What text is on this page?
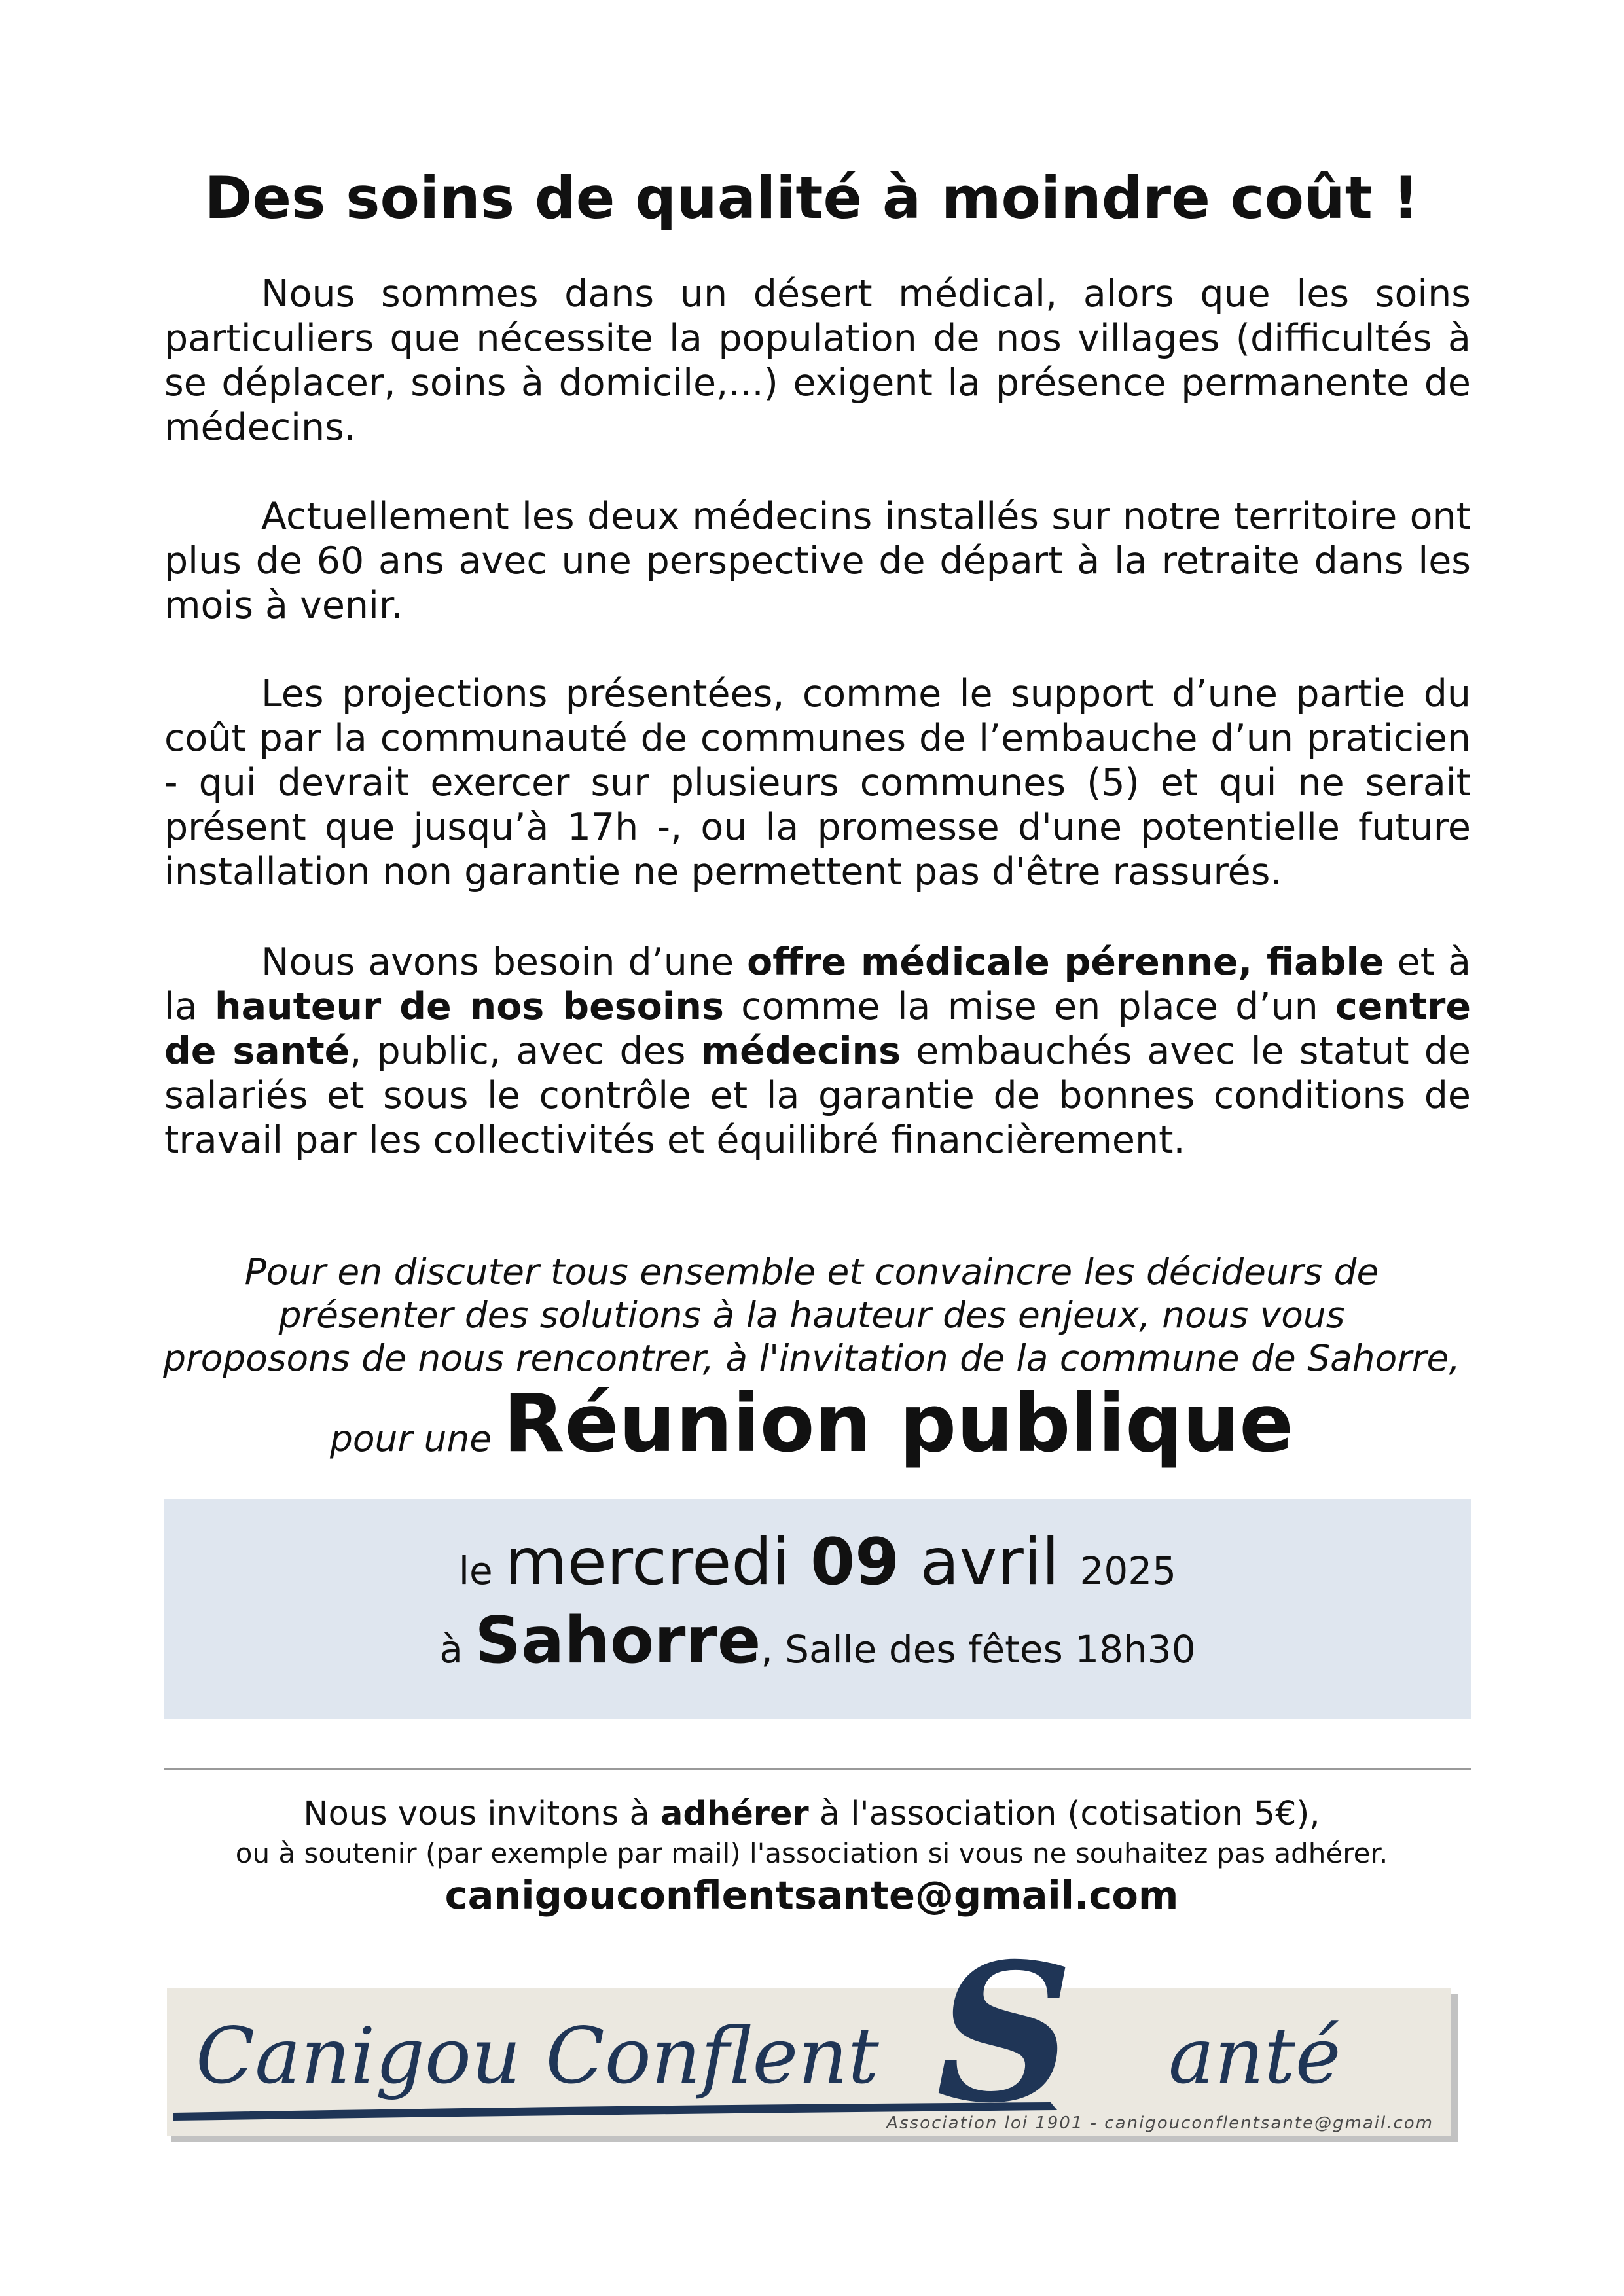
Des soins de qualité à moindre coût !

Nous sommes dans un désert médical, alors que les soins particuliers que nécessite la population de nos villages (difficultés à se déplacer, soins à domicile,...) exigent la présence permanente de médecins.

Actuellement les deux médecins installés sur notre territoire ont plus de 60 ans avec une perspective de départ à la retraite dans les mois à venir.

Les projections présentées, comme le support d’une partie du coût par la communauté de communes de l’embauche d’un praticien - qui devrait exercer sur plusieurs communes (5) et qui ne serait présent que jusqu’à 17h -, ou la promesse d'une potentielle future installation non garantie ne permettent pas d'être rassurés.

Nous avons besoin d’une offre médicale pérenne, fiable et à la hauteur de nos besoins comme la mise en place d’un centre de santé, public, avec des médecins embauchés avec le statut de salariés et sous le contrôle et la garantie de bonnes conditions de travail par les collectivités et équilibré financièrement.

Pour en discuter tous ensemble et convaincre les décideurs de
présenter des solutions à la hauteur des enjeux, nous vous
proposons de nous rencontrer, à l'invitation de la commune de Sahorre,

pour une Réunion publique
le mercredi 09 avril 2025
à Sahorre, Salle des fêtes 18h30

Nous vous invitons à adhérer à l'association (cotisation 5€),

ou à soutenir (par exemple par mail) l'association si vous ne souhaitez pas adhérer.

canigouconflentsante@gmail.com

Canigou Conflent S anté
Association loi 1901 - canigouconflentsante@gmail.com
